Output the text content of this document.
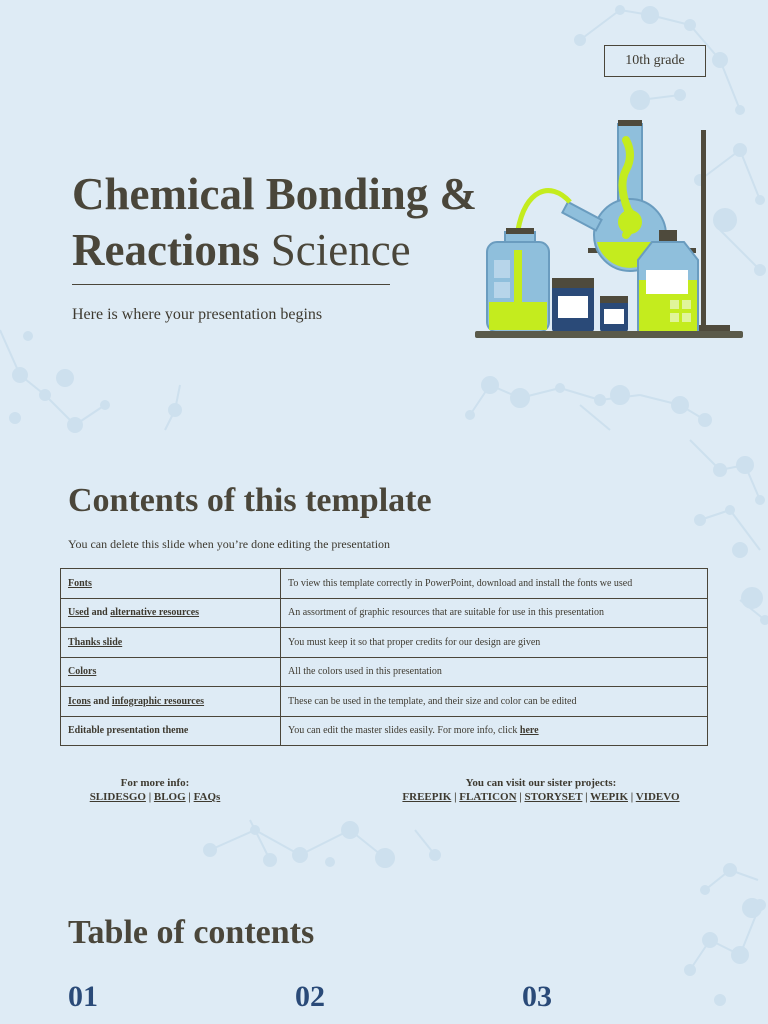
10th grade
Chemical Bonding &
Reactions Science
Here is where your presentation begins
Contents of this template
You can delete this slide when you’re done editing the presentation
Fonts	To view this template correctly in PowerPoint, download and install the fonts we used
Used and alternative resources	An assortment of graphic resources that are suitable for use in this presentation
Thanks slide	You must keep it so that proper credits for our design are given
Colors	All the colors used in this presentation
Icons and infographic resources	These can be used in the template, and their size and color can be edited
Editable presentation theme	You can edit the master slides easily. For more info, click here
For more info:
SLIDESGO | BLOG | FAQs
You can visit our sister projects:
FREEPIK | FLATICON | STORYSET | WEPIK | VIDEVO
Table of contents
01	02	03
